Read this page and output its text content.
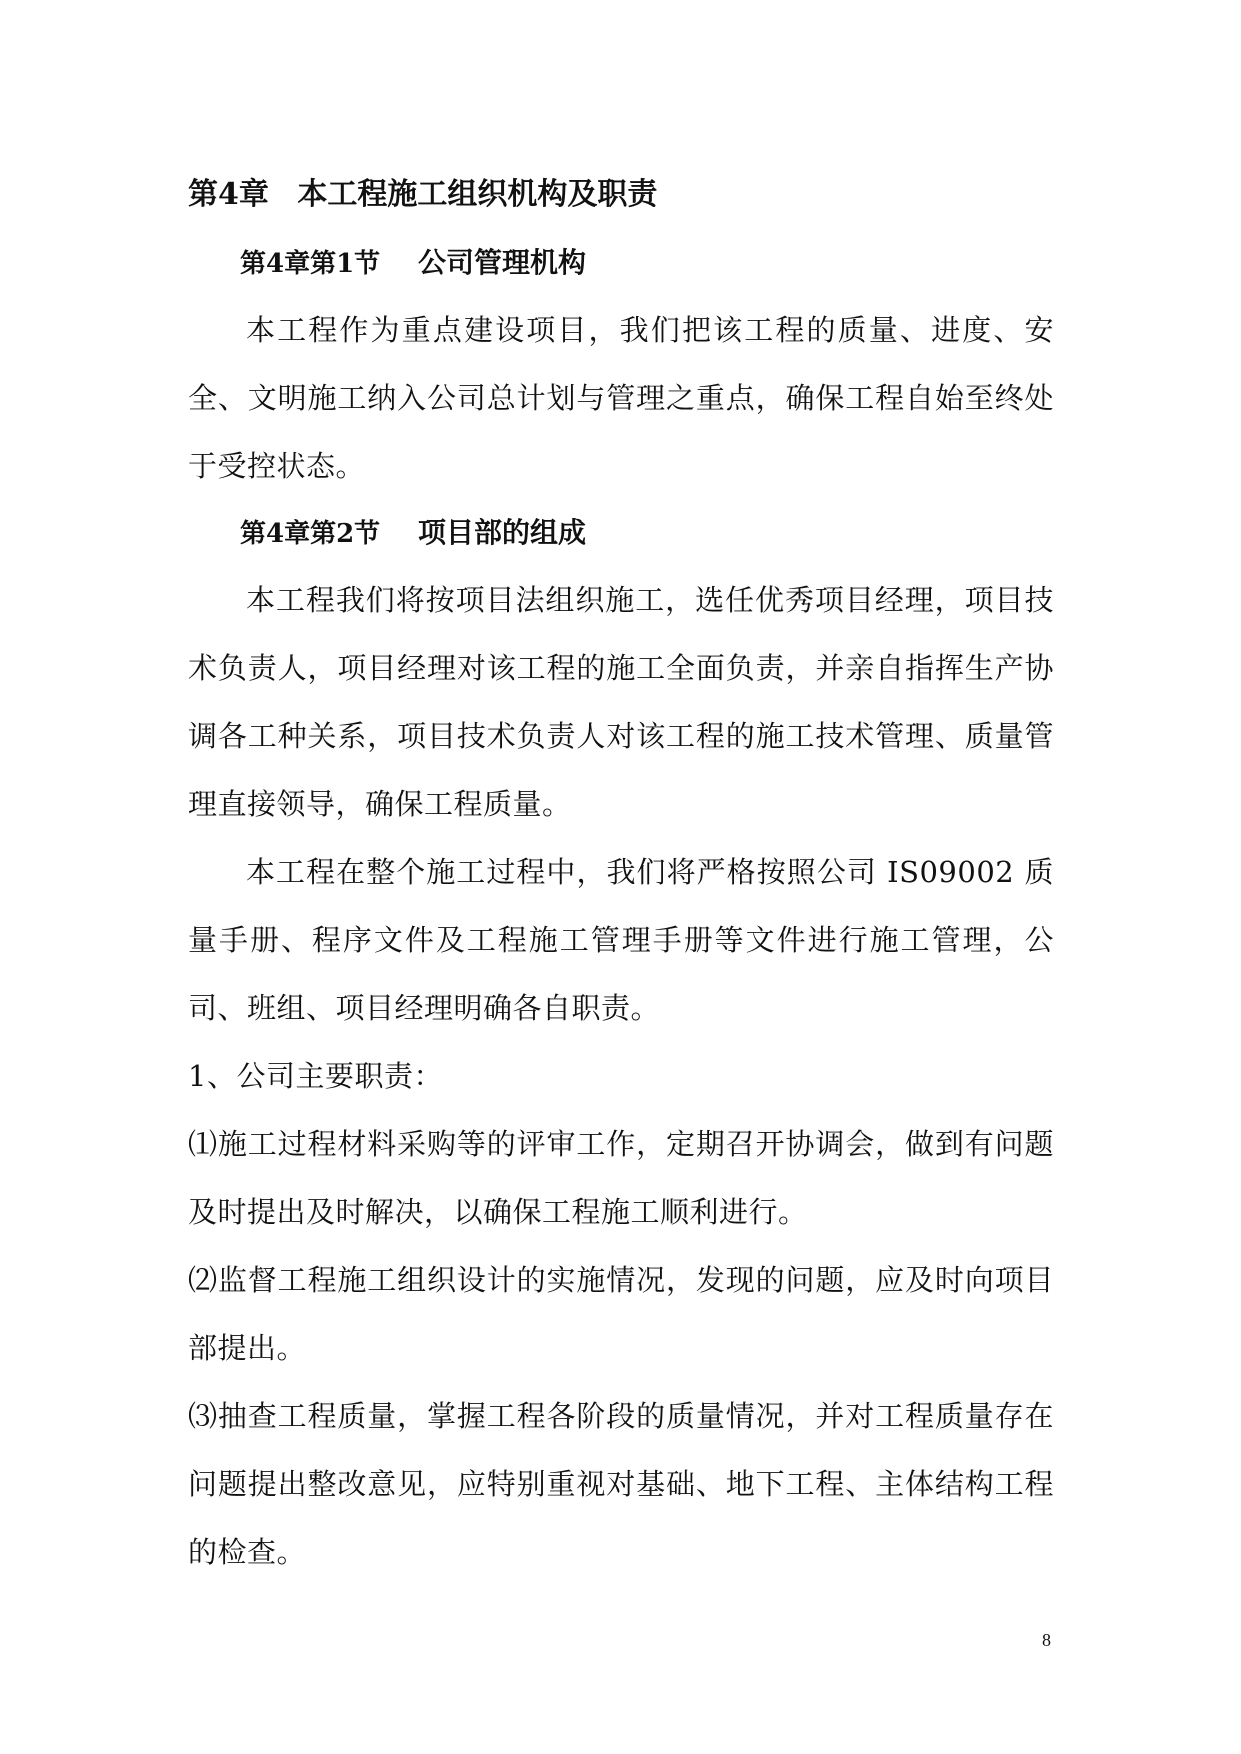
第4章 本工程施工组织机构及职责
第4章第1节 公司管理机构

本工程作为重点建设项目，我们把该工程的质量、进度、安全、文明施工纳入公司总计划与管理之重点，确保工程自始至终处于受控状态。

第4章第2节 项目部的组成

本工程我们将按项目法组织施工，选任优秀项目经理，项目技术负责人，项目经理对该工程的施工全面负责，并亲自指挥生产协调各工种关系，项目技术负责人对该工程的施工技术管理、质量管理直接领导，确保工程质量。

本工程在整个施工过程中，我们将严格按照公司 IS09002 质量手册、程序文件及工程施工管理手册等文件进行施工管理，公司、班组、项目经理明确各自职责。

1、公司主要职责：

⑴施工过程材料采购等的评审工作，定期召开协调会，做到有问题及时提出及时解决，以确保工程施工顺利进行。

⑵监督工程施工组织设计的实施情况，发现的问题，应及时向项目部提出。

⑶抽查工程质量，掌握工程各阶段的质量情况，并对工程质量存在问题提出整改意见，应特别重视对基础、地下工程、主体结构工程的检查。

8
